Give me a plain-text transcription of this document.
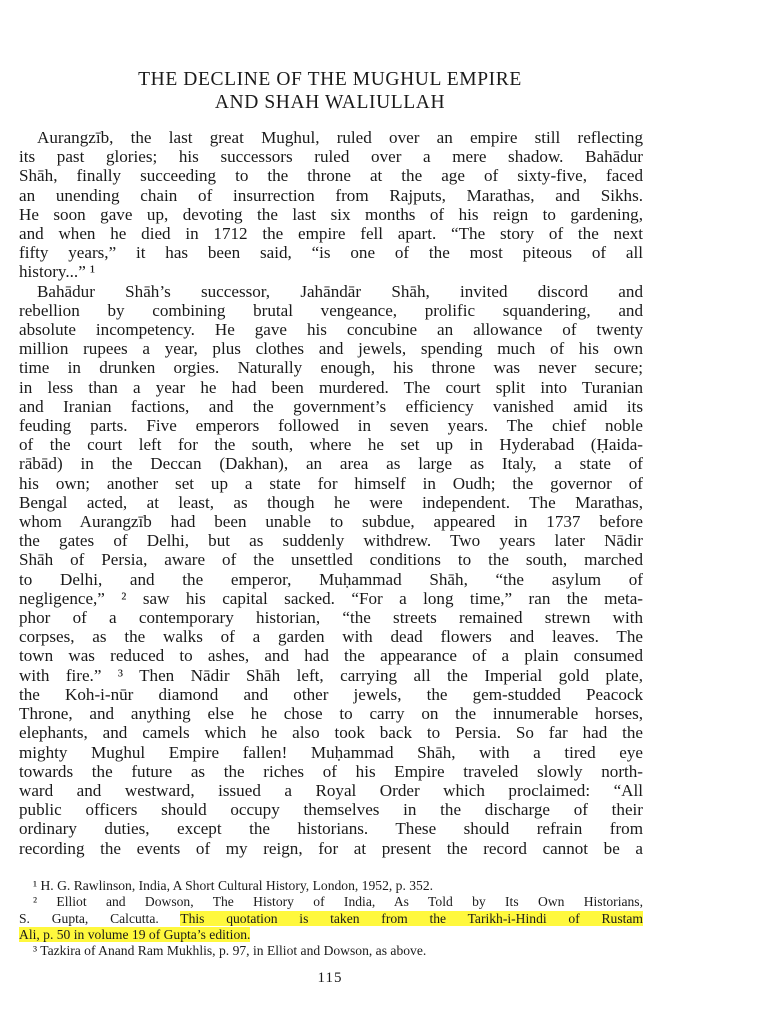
THE DECLINE OF THE MUGHUL EMPIRE
AND SHAH WALIULLAH
Aurangzīb, the last great Mughul, ruled over an empire still reflecting
its past glories; his successors ruled over a mere shadow. Bahādur
Shāh, finally succeeding to the throne at the age of sixty-five, faced
an unending chain of insurrection from Rajputs, Marathas, and Sikhs.
He soon gave up, devoting the last six months of his reign to gardening,
and when he died in 1712 the empire fell apart. “The story of the next
fifty years,” it has been said, “is one of the most piteous of all
history...” ¹
Bahādur Shāh’s successor, Jahāndār Shāh, invited discord and
rebellion by combining brutal vengeance, prolific squandering, and
absolute incompetency. He gave his concubine an allowance of twenty
million rupees a year, plus clothes and jewels, spending much of his own
time in drunken orgies. Naturally enough, his throne was never secure;
in less than a year he had been murdered. The court split into Turanian
and Iranian factions, and the government’s efficiency vanished amid its
feuding parts. Five emperors followed in seven years. The chief noble
of the court left for the south, where he set up in Hyderabad (Ḥaida-
rābād) in the Deccan (Dakhan), an area as large as Italy, a state of
his own; another set up a state for himself in Oudh; the governor of
Bengal acted, at least, as though he were independent. The Marathas,
whom Aurangzīb had been unable to subdue, appeared in 1737 before
the gates of Delhi, but as suddenly withdrew. Two years later Nādir
Shāh of Persia, aware of the unsettled conditions to the south, marched
to Delhi, and the emperor, Muḥammad Shāh, “the asylum of
negligence,” ² saw his capital sacked. “For a long time,” ran the meta-
phor of a contemporary historian, “the streets remained strewn with
corpses, as the walks of a garden with dead flowers and leaves. The
town was reduced to ashes, and had the appearance of a plain consumed
with fire.” ³ Then Nādir Shāh left, carrying all the Imperial gold plate,
the Koh-i-nūr diamond and other jewels, the gem-studded Peacock
Throne, and anything else he chose to carry on the innumerable horses,
elephants, and camels which he also took back to Persia. So far had the
mighty Mughul Empire fallen! Muḥammad Shāh, with a tired eye
towards the future as the riches of his Empire traveled slowly north-
ward and westward, issued a Royal Order which proclaimed: “All
public officers should occupy themselves in the discharge of their
ordinary duties, except the historians. These should refrain from
recording the events of my reign, for at present the record cannot be a
¹ H. G. Rawlinson, India, A Short Cultural History, London, 1952, p. 352.
² Elliot and Dowson, The History of India, As Told by Its Own Historians,
S. Gupta, Calcutta. This quotation is taken from the Tarikh-i-Hindi of Rustam
Ali, p. 50 in volume 19 of Gupta’s edition.
³ Tazkira of Anand Ram Mukhlis, p. 97, in Elliot and Dowson, as above.
115
